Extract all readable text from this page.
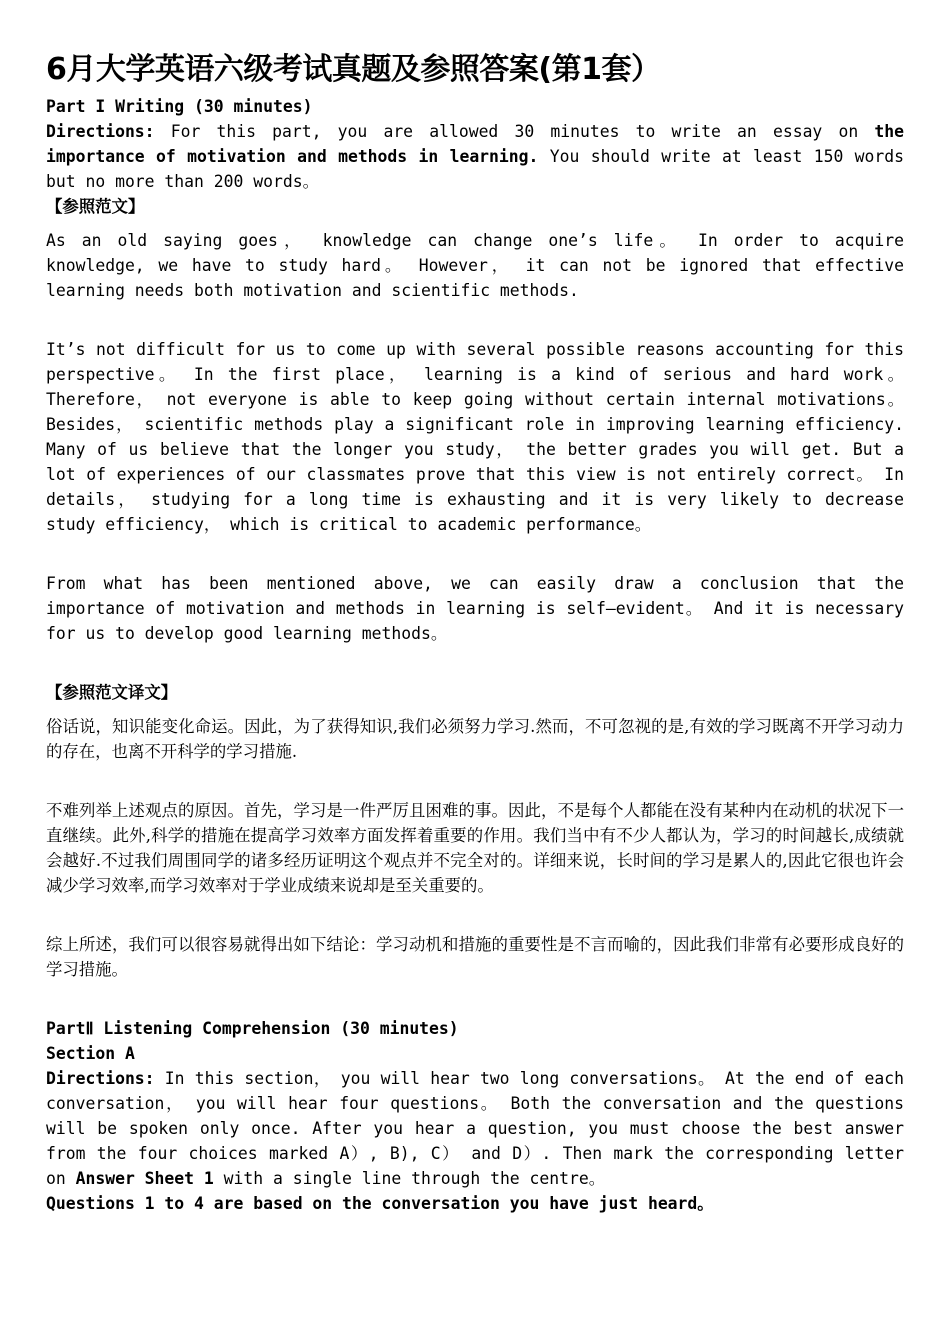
6月大学英语六级考试真题及参照答案(第1套）

Part I Writing (30 minutes)

Directions: For this part, you are allowed 30 minutes to write an essay on the importance of motivation and methods in learning. You should write at least 150 words but no more than 200 words。

【参照范文】

As an old saying goes， knowledge can change one’s life。 In order to acquire knowledge, we have to study hard。 However， it can not be ignored that effective learning needs both motivation and scientific methods.

It’s not difficult for us to come up with several possible reasons accounting for this perspective。 In the first place， learning is a kind of serious and hard work。 Therefore， not everyone is able to keep going without certain internal motivations。 Besides， scientific methods play a significant role in improving learning efficiency. Many of us believe that the longer you study， the better grades you will get. But a lot of experiences of our classmates prove that this view is not entirely correct。 In details， studying for a long time is exhausting and it is very likely to decrease study efficiency， which is critical to academic performance。

From what has been mentioned above, we can easily draw a conclusion that the importance of motivation and methods in learning is self—evident。 And it is necessary for us to develop good learning methods。

【参照范文译文】

俗话说，知识能变化命运。因此，为了获得知识,我们必须努力学习.然而，不可忽视的是,有效的学习既离不开学习动力的存在，也离不开科学的学习措施.

不难列举上述观点的原因。首先，学习是一件严厉且困难的事。因此，不是每个人都能在没有某种内在动机的状况下一直继续。此外,科学的措施在提高学习效率方面发挥着重要的作用。我们当中有不少人都认为，学习的时间越长,成绩就会越好.不过我们周围同学的诸多经历证明这个观点并不完全对的。详细来说，长时间的学习是累人的,因此它很也许会减少学习效率,而学习效率对于学业成绩来说却是至关重要的。

综上所述，我们可以很容易就得出如下结论：学习动机和措施的重要性是不言而喻的，因此我们非常有必要形成良好的学习措施。

PartⅡ Listening Comprehension (30 minutes)

Section A

Directions: In this section， you will hear two long conversations。 At the end of each conversation， you will hear four questions。 Both the conversation and the questions will be spoken only once. After you hear a question, you must choose the best answer from the four choices marked A）, B), C） and D）. Then mark the corresponding letter on Answer Sheet 1 with a single line through the centre。

Questions 1 to 4 are based on the conversation you have just heard。
